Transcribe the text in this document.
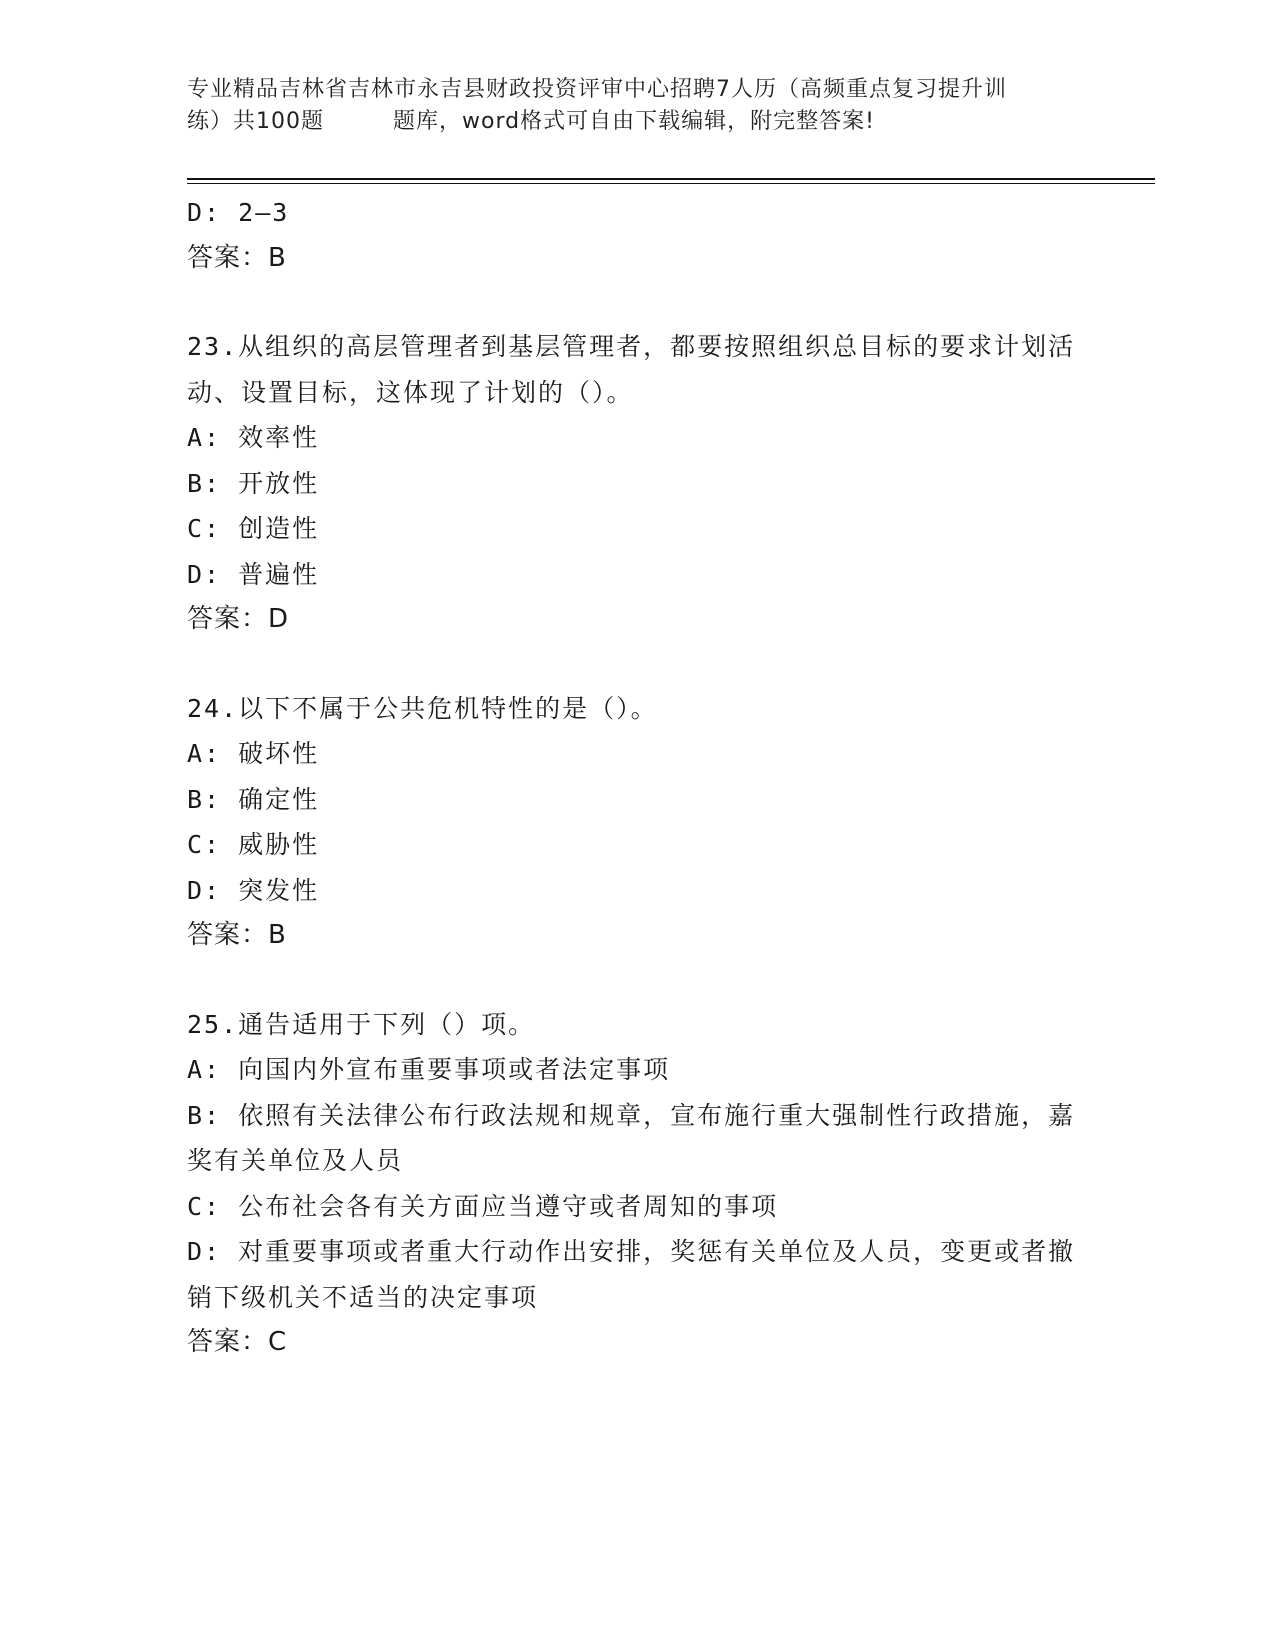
专业精品吉林省吉林市永吉县财政投资评审中心招聘7人历（高频重点复习提升训
练）共100题　　　题库，word格式可自由下载编辑，附完整答案!

D: 2—3

答案：B

23.从组织的高层管理者到基层管理者，都要按照组织总目标的要求计划活动、设置目标，这体现了计划的（）。

A: 效率性

B: 开放性

C: 创造性

D: 普遍性

答案：D

24.以下不属于公共危机特性的是（）。

A: 破坏性

B: 确定性

C: 威胁性

D: 突发性

答案：B

25.通告适用于下列（）项。

A: 向国内外宣布重要事项或者法定事项

B: 依照有关法律公布行政法规和规章，宣布施行重大强制性行政措施，嘉奖有关单位及人员

C: 公布社会各有关方面应当遵守或者周知的事项

D: 对重要事项或者重大行动作出安排，奖惩有关单位及人员，变更或者撤销下级机关不适当的决定事项

答案：C
